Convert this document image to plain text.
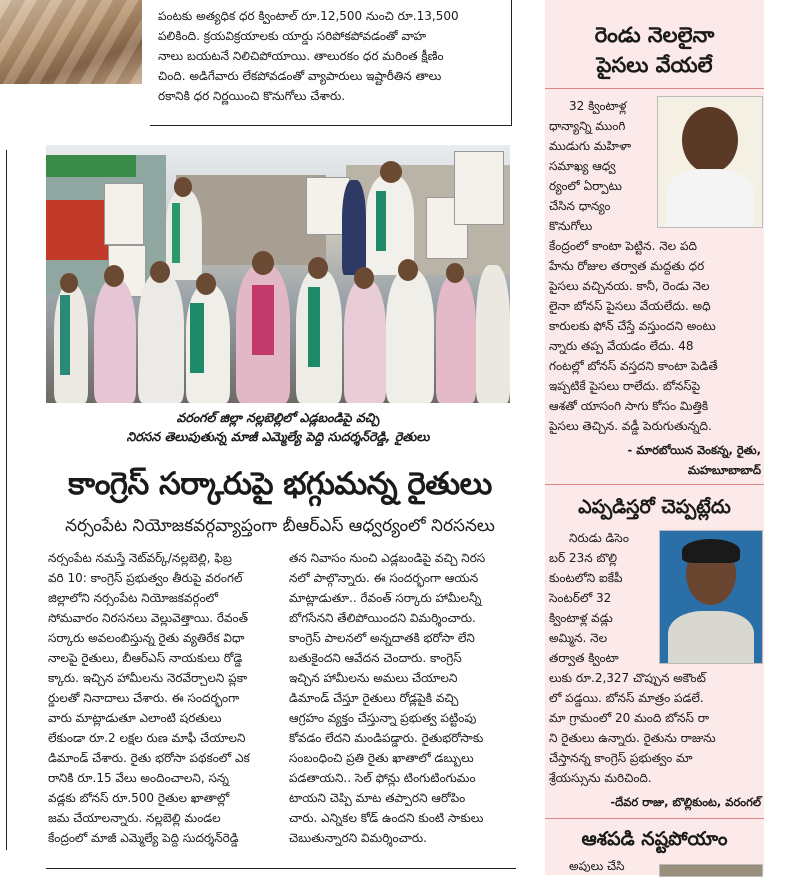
పంటకు అత్యధిక ధర క్వింటాల్ రూ.12,500 నుంచి రూ.13,500

పలికింది. క్రయవిక్రయాలకు యార్డు సరిపోకపోవడంతో వాహ

నాలు బయటనే నిలిచిపోయాయి. తాలురకం ధర మరింత క్షీణిం

చింది. అడిగేవారు లేకపోవడంతో వ్యాపారులు ఇష్టారీతిన తాలు

రకానికి ధర నిర్ణయించి కొనుగోలు చేశారు.

వరంగల్ జిల్లా నల్లబెల్లిలో ఎడ్లబండిపై వచ్చి
నిరసన తెలుపుతున్న మాజీ ఎమ్మెల్యే పెద్ది సుదర్శన్‌రెడ్డి, రైతులు
కాంగ్రెస్ సర్కారుపై భగ్గుమన్న రైతులు
నర్సంపేట నియోజకవర్గవ్యాప్తంగా బీఆర్ఎస్ ఆధ్వర్యంలో నిరసనలు

నర్సంపేట నమస్తే నెట్‌వర్క్/నల్లబెల్లి, ఫిబ్ర

వరి 10: కాంగ్రెస్ ప్రభుత్వం తీరుపై వరంగల్

జిల్లాలోని నర్సంపేట నియోజకవర్గంలో

సోమవారం నిరసనలు వెల్లువెత్తాయి. రేవంత్

సర్కారు అవలంబిస్తున్న రైతు వ్యతిరేక విధా

నాలపై రైతులు, బీఆర్ఎస్ నాయకులు రోడ్డె

క్కారు. ఇచ్చిన హామీలను నెరవేర్చాలని ప్లకా

ర్డులతో నినాదాలు చేశారు. ఈ సందర్భంగా

వారు మాట్లాడుతూ ఎలాంటి షరతులు

లేకుండా రూ.2 లక్షల రుణ మాఫీ చేయాలని

డిమాండ్ చేశారు. రైతు భరోసా పథకంలో ఎక

రానికి రూ.15 వేలు అందించాలని, సన్న

వడ్లకు బోనస్ రూ.500 రైతుల ఖాతాల్లో

జమ చేయాలన్నారు. నల్లబెల్లి మండల

కేంద్రంలో మాజీ ఎమ్మెల్యే పెద్ది సుదర్శన్‌రెడ్డి

తన నివాసం నుంచి ఎడ్లబండిపై వచ్చి నిరస

నలో పాల్గొన్నారు. ఈ సందర్భంగా ఆయన

మాట్లాడుతూ.. రేవంత్ సర్కారు హామీలన్నీ

బోగసేనని తేలిపోయిందని విమర్శించారు.

కాంగ్రెస్ పాలనలో అన్నదాతకి భరోసా లేని

బతుకైందని ఆవేదన చెందారు. కాంగ్రెస్

ఇచ్చిన హామీలను అమలు చేయాలని

డిమాండ్ చేస్తూ రైతులు రోడ్లపైకి వచ్చి

ఆగ్రహం వ్యక్తం చేస్తున్నా ప్రభుత్వ పట్టింపు

కోవడం లేదని మండిపడ్డారు. రైతుభరోసాకు

సంబంధించి ప్రతి రైతు ఖాతాలో డబ్బులు

పడతాయని.. సెల్ ఫోన్లు టింగుటింగుమం

టాయని చెప్పి మాట తప్పారని ఆరోపిం

చారు. ఎన్నికల కోడ్ ఉందని కుంటి సాకులు

చెబుతున్నారని విమర్శించారు.

రెండు నెలలైనా
పైసలు వేయలే
32 క్వింటాళ్ల
ధాన్యాన్ని ముంగి
ముడుగు మహిళా
సమాఖ్య ఆధ్వ
ర్యంలో ఏర్పాటు
చేసిన ధాన్యం
కొనుగోలు
కేంద్రంలో కాంటా పెట్టిన. నెల పది
హేను రోజుల తర్వాత మద్దతు ధర
పైసలు వచ్చినయ. కానీ, రెండు నెల
లైనా బోనస్ పైసలు వేయలేదు. అధి
కారులకు ఫోన్ చేస్తే వస్తుందని అంటు
న్నారు తప్ప వేయడం లేదు. 48
గంటల్లో బోనస్ వస్తదని కాంటా పెడితే
ఇప్పటికే పైసలు రాలేదు. బోనస్‌పై
ఆశతో యాసంగి సాగు కోసం మిత్తికి
పైసలు తెచ్చిన. వడ్డీ పెరుగుతున్నది.
- మారబోయిన వెంకన్న, రైతు,
మహబూబాబాద్
ఎప్పడిస్తరో చెప్పట్లేదు
నిరుడు డిసెం
బర్ 23న బొల్లి
కుంటలోని ఐకేపీ
సెంటర్‌లో 32
క్వింటాళ్ల వడ్లు
అమ్మిన. నెల
తర్వాత క్వింటా
లుకు రూ.2,327 చొప్పున అకౌంట్
లో పడ్డయి. బోనస్ మాత్రం పడలే.
మా గ్రామంలో 20 మంది బోనస్ రా
ని రైతులు ఉన్నారు. రైతును రాజును
చేస్తానన్న కాంగ్రెస్ ప్రభుత్వం మా
శ్రేయస్సును మరిచింది.
-దేవర రాజు, బొల్లికుంట, వరంగల్
ఆశపడి నష్టపోయాం
అపులు చేసి
